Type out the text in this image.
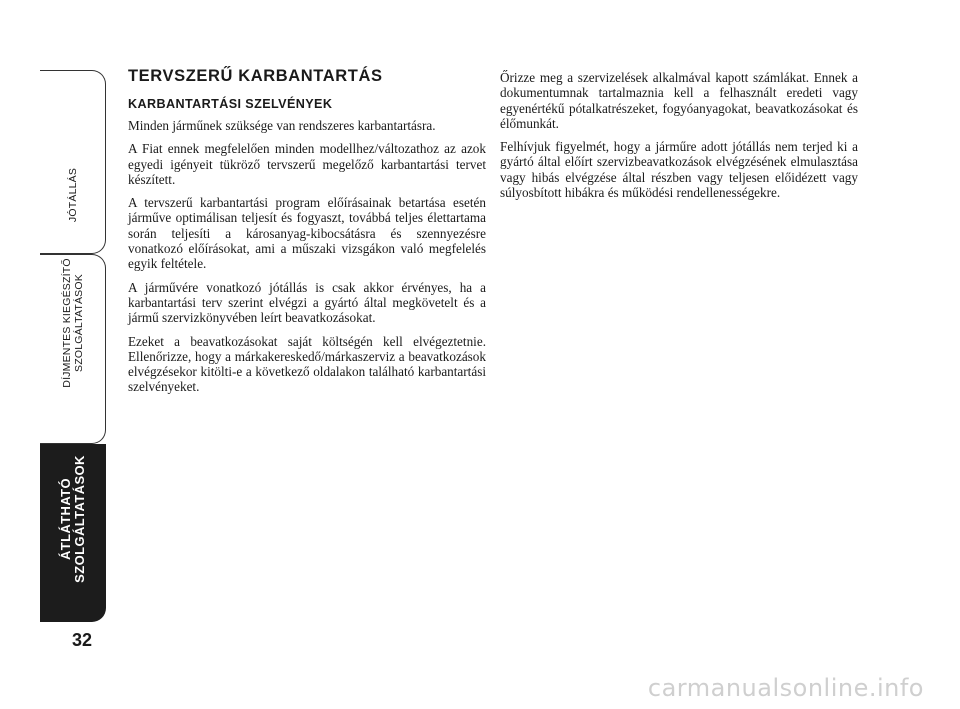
JÓTÁLLÁS
DÍJMENTES KIEGÉSZÍTŐ
SZOLGÁLTATÁSOK
ÁTLÁTHATÓ
SZOLGÁLTATÁSOK
32
TERVSZERŰ KARBANTARTÁS
KARBANTARTÁSI SZELVÉNYEK

Minden járműnek szüksége van rendszeres karbantartásra.

A Fiat ennek megfelelően minden modellhez/változathoz az azok egyedi igényeit tükröző tervszerű megelőző karbantartási tervet készített.

A tervszerű karbantartási program előírásainak betartása esetén járműve optimálisan teljesít és fogyaszt, továbbá teljes élettartama során teljesíti a károsanyag-kibocsátásra és szennyezésre vonatkozó előírásokat, ami a műszaki vizsgákon való megfelelés egyik feltétele.

A járművére vonatkozó jótállás is csak akkor érvényes, ha a karbantartási terv szerint elvégzi a gyártó által megkövetelt és a jármű szervizkönyvében leírt beavatkozásokat.

Ezeket a beavatkozásokat saját költségén kell elvégeztetnie. Ellenőrizze, hogy a márkakereskedő/márkaszerviz a beavatkozások elvégzésekor kitölti-e a következő oldalakon található karbantartási szelvényeket.

Őrizze meg a szervizelések alkalmával kapott számlákat. Ennek a dokumentumnak tartalmaznia kell a felhasznált eredeti vagy egyenértékű pótalkatrészeket, fogyóanyagokat, beavatkozásokat és élőmunkát.

Felhívjuk figyelmét, hogy a járműre adott jótállás nem terjed ki a gyártó által előírt szervizbeavatkozások elvégzésének elmulasztása vagy hibás elvégzése által részben vagy teljesen előidézett vagy súlyosbított hibákra és működési rendellenességekre.

carmanualsonline.info
